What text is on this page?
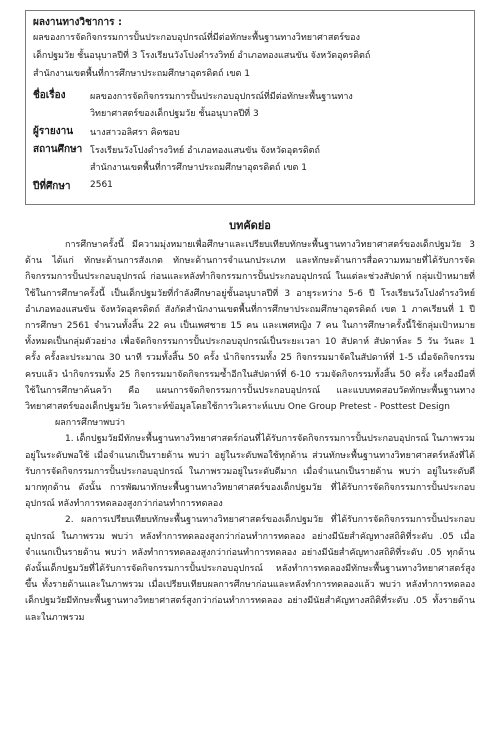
ผลงานทางวิชาการ :
ผลของการจัดกิจกรรมการปั้นประกอบอุปกรณ์ที่มีต่อทักษะพื้นฐานทางวิทยาศาสตร์ของ
เด็กปฐมวัย ชั้นอนุบาลปีที่ 3 โรงเรียนวังโปงดำรงวิทย์ อำเภอทองแสนขัน จังหวัดอุตรดิตถ์
สำนักงานเขตพื้นที่การศึกษาประถมศึกษาอุตรดิตถ์ เขต 1
ชื่อเรื่อง	ผลของการจัดกิจกรรมการปั้นประกอบอุปกรณ์ที่มีต่อทักษะพื้นฐานทาง
วิทยาศาสตร์ของเด็กปฐมวัย ชั้นอนุบาลปีที่ 3
ผู้รายงาน นางสาวอลิศรา คิดชอบ
สถานศึกษา โรงเรียนวังโปงดำรงวิทย์ อำเภอทองแสนขัน จังหวัดอุตรดิตถ์
สำนักงานเขตพื้นที่การศึกษาประถมศึกษาอุตรดิตถ์ เขต 1
ปีที่ศึกษา 2561
บทคัดย่อ

การศึกษาครั้งนี้ มีความมุ่งหมายเพื่อศึกษาและเปรียบเทียบทักษะพื้นฐานทางวิทยาศาสตร์ของเด็กปฐมวัย 3 ด้าน ได้แก่ ทักษะด้านการสังเกต ทักษะด้านการจำแนกประเภท และทักษะด้านการสื่อความหมายที่ได้รับการจัดกิจกรรมการปั้นประกอบอุปกรณ์ ก่อนและหลังทำกิจกรรมการปั้นประกอบอุปกรณ์ ในแต่ละช่วงสัปดาห์ กลุ่มเป้าหมายที่ใช้ในการศึกษาครั้งนี้ เป็นเด็กปฐมวัยที่กำลังศึกษาอยู่ชั้นอนุบาลปีที่ 3 อายุระหว่าง 5-6 ปี โรงเรียนวังโปงดำรงวิทย์ อำเภอทองแสนขัน จังหวัดอุตรดิตถ์ สังกัดสำนักงานเขตพื้นที่การศึกษาประถมศึกษาอุตรดิตถ์ เขต 1 ภาคเรียนที่ 1 ปีการศึกษา 2561 จำนวนทั้งสิ้น 22 คน เป็นเพศชาย 15 คน และเพศหญิง 7 คน ในการศึกษาครั้งนี้ใช้กลุ่มเป้าหมายทั้งหมดเป็นกลุ่มตัวอย่าง เพื่อจัดกิจกรรมการปั้นประกอบอุปกรณ์เป็นระยะเวลา 10 สัปดาห์ สัปดาห์ละ 5 วัน วันละ 1 ครั้ง ครั้งละประมาณ 30 นาที รวมทั้งสิ้น 50 ครั้ง นำกิจกรรมทั้ง 25 กิจกรรมมาจัดในสัปดาห์ที่ 1-5 เมื่อจัดกิจกรรมครบแล้ว นำกิจกรรมทั้ง 25 กิจกรรมมาจัดกิจกรรมซ้ำอีกในสัปดาห์ที่ 6-10 รวมจัดกิจกรรมทั้งสิ้น 50 ครั้ง เครื่องมือที่ใช้ในการศึกษาค้นคว้า คือ แผนการจัดกิจกรรมการปั้นประกอบอุปกรณ์ และแบบทดสอบวัดทักษะพื้นฐานทางวิทยาศาสตร์ของเด็กปฐมวัย วิเคราะห์ข้อมูลโดยใช้การวิเคราะห์แบบ One Group Pretest - Posttest Design

ผลการศึกษาพบว่า

1. เด็กปฐมวัยมีทักษะพื้นฐานทางวิทยาศาสตร์ก่อนที่ได้รับการจัดกิจกรรมการปั้นประกอบอุปกรณ์ ในภาพรวมอยู่ในระดับพอใช้ เมื่อจำแนกเป็นรายด้าน พบว่า อยู่ในระดับพอใช้ทุกด้าน ส่วนทักษะพื้นฐานทางวิทยาศาสตร์หลังที่ได้รับการจัดกิจกรรมการปั้นประกอบอุปกรณ์ ในภาพรวมอยู่ในระดับดีมาก เมื่อจำแนกเป็นรายด้าน พบว่า อยู่ในระดับดีมากทุกด้าน ดังนั้น การพัฒนาทักษะพื้นฐานทางวิทยาศาสตร์ของเด็กปฐมวัย ที่ได้รับการจัดกิจกรรมการปั้นประกอบอุปกรณ์ หลังทำการทดลองสูงกว่าก่อนทำการทดลอง

2. ผลการเปรียบเทียบทักษะพื้นฐานทางวิทยาศาสตร์ของเด็กปฐมวัย ที่ได้รับการจัดกิจกรรมการปั้นประกอบอุปกรณ์ ในภาพรวม พบว่า หลังทำการทดลองสูงกว่าก่อนทำการทดลอง อย่างมีนัยสำคัญทางสถิติที่ระดับ .05 เมื่อจำแนกเป็นรายด้าน พบว่า หลังทำการทดลองสูงกว่าก่อนทำการทดลอง อย่างมีนัยสำคัญทางสถิติที่ระดับ .05 ทุกด้าน ดังนั้นเด็กปฐมวัยที่ได้รับการจัดกิจกรรมการปั้นประกอบอุปกรณ์ หลังทำการทดลองมีทักษะพื้นฐานทางวิทยาศาสตร์สูงขึ้น ทั้งรายด้านและในภาพรวม เมื่อเปรียบเทียบผลการศึกษาก่อนและหลังทำการทดลองแล้ว พบว่า หลังทำการทดลองเด็กปฐมวัยมีทักษะพื้นฐานทางวิทยาศาสตร์สูงกว่าก่อนทำการทดลอง อย่างมีนัยสำคัญทางสถิติที่ระดับ .05 ทั้งรายด้านและในภาพรวม
